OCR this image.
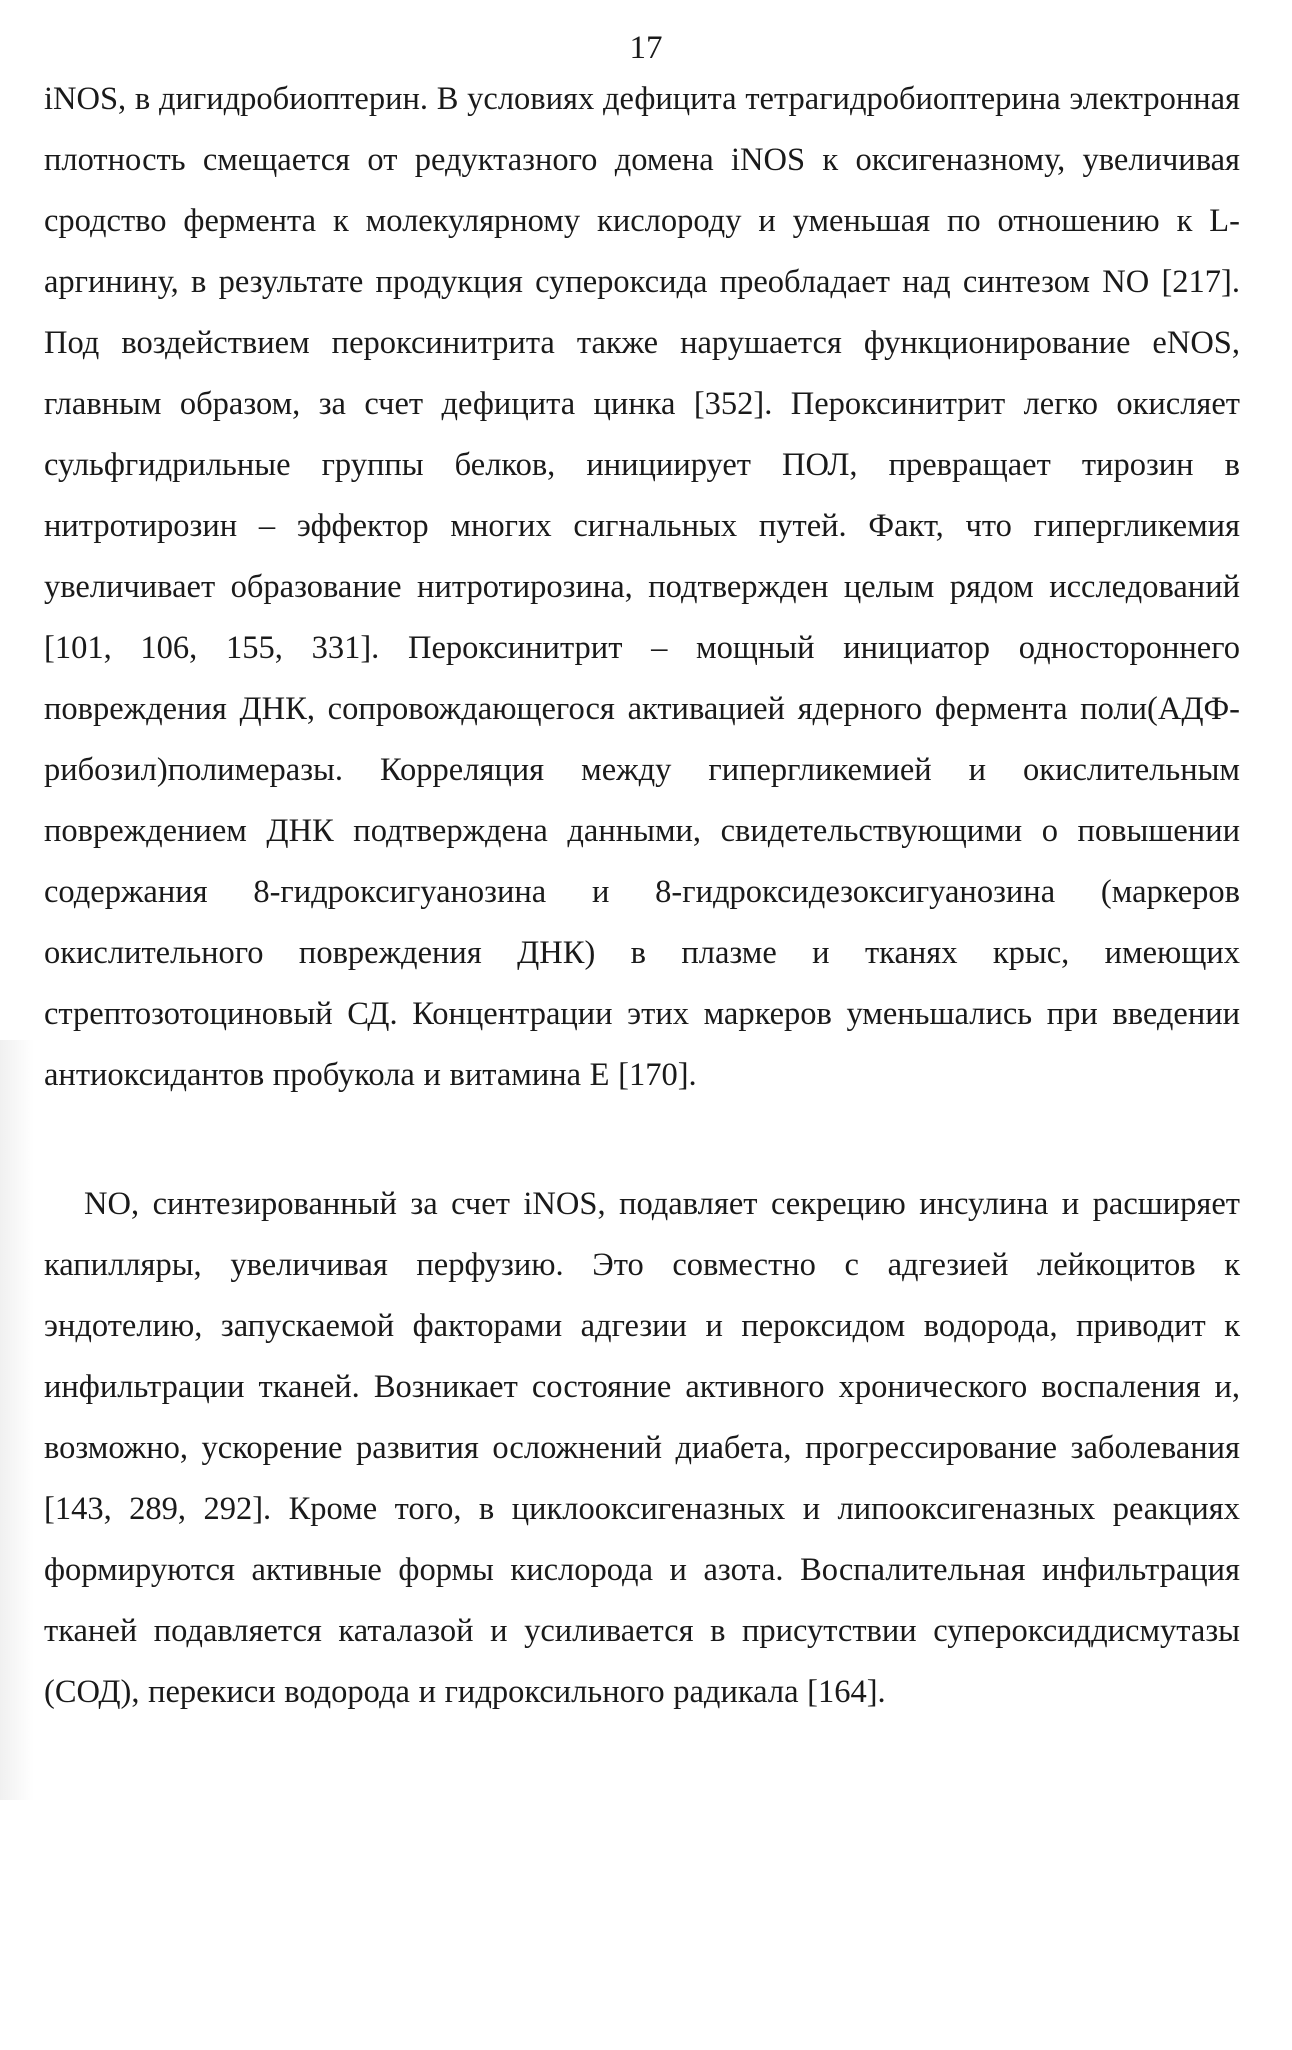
17

iNOS, в дигидробиоптерин. В условиях дефицита тетрагидробиоптерина электронная плотность смещается от редуктазного домена iNOS к оксигеназному, увеличивая сродство фермента к молекулярному кислороду и уменьшая по отношению к L-аргинину, в результате продукция супероксида преобладает над синтезом NO [217]. Под воздействием пероксинитрита также нарушается функционирование eNOS, главным образом, за счет дефицита цинка [352]. Пероксинитрит легко окисляет сульфгидрильные группы белков, инициирует ПОЛ, превращает тирозин в нитротирозин – эффектор многих сигнальных путей. Факт, что гипергликемия увеличивает образование нитротирозина, подтвержден целым рядом исследований [101, 106, 155, 331]. Пероксинитрит – мощный инициатор одностороннего повреждения ДНК, сопровождающегося активацией ядерного фермента поли(АДФ-рибозил)полимеразы. Корреляция между гипергликемией и окислительным повреждением ДНК подтверждена данными, свидетельствующими о повышении содержания 8-гидроксигуанозина и 8-гидроксидезоксигуанозина (маркеров окислительного повреждения ДНК) в плазме и тканях крыс, имеющих стрептозотоциновый СД. Концентрации этих маркеров уменьшались при введении антиоксидантов пробукола и витамина Е [170].

NO, синтезированный за счет iNOS, подавляет секрецию инсулина и расширяет капилляры, увеличивая перфузию. Это совместно с адгезией лейкоцитов к эндотелию, запускаемой факторами адгезии и пероксидом водорода, приводит к инфильтрации тканей. Возникает состояние активного хронического воспаления и, возможно, ускорение развития осложнений диабета, прогрессирование заболевания [143, 289, 292]. Кроме того, в циклооксигеназных и липооксигеназных реакциях формируются активные формы кислорода и азота. Воспалительная инфильтрация тканей подавляется каталазой и усиливается в присутствии супероксиддисмутазы (СОД), перекиси водорода и гидроксильного радикала [164].
